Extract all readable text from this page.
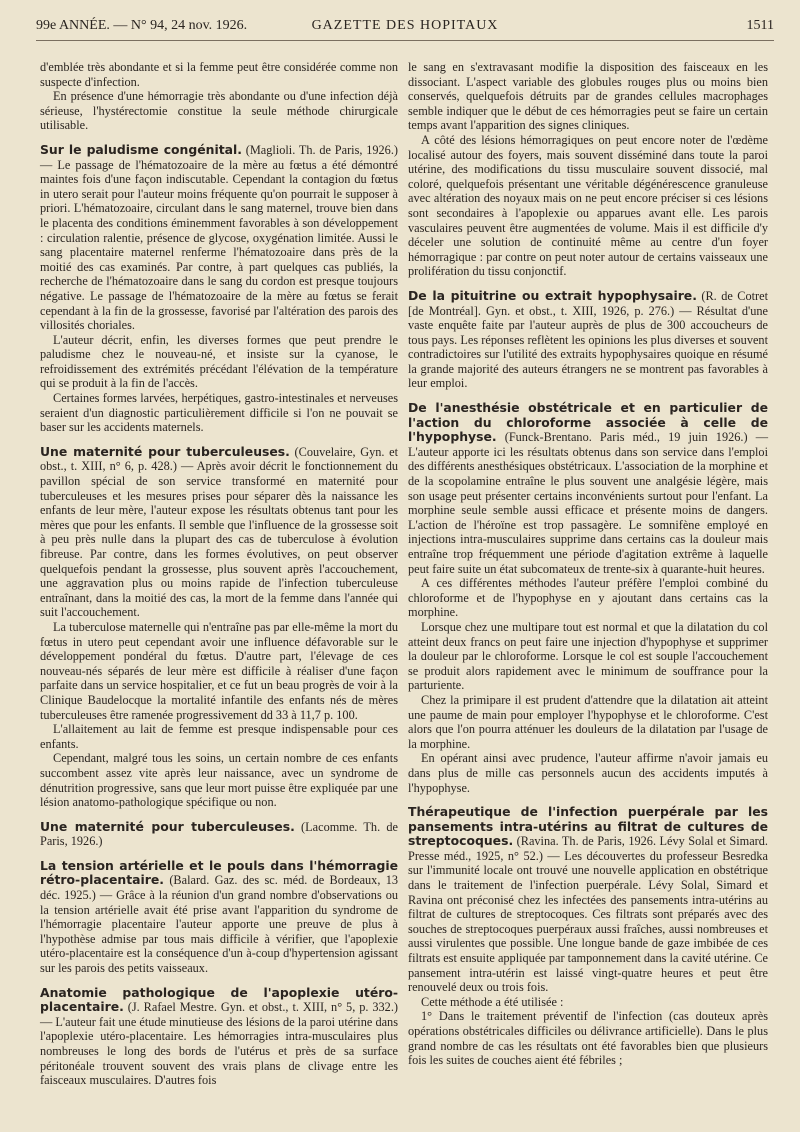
99e ANNÉE. — N° 94, 24 nov. 1926.	GAZETTE DES HOPITAUX	1511

d'emblée très abondante et si la femme peut être considérée comme non suspecte d'infection.

En présence d'une hémorragie très abondante ou d'une infection déjà sérieuse, l'hystérectomie constitue la seule méthode chirurgicale utilisable.

Sur le paludisme congénital. (Maglioli. Th. de Paris, 1926.) — Le passage de l'hématozoaire de la mère au fœtus a été démontré maintes fois d'une façon indiscutable. Cependant la contagion du fœtus in utero serait pour l'auteur moins fréquente qu'on pourrait le supposer à priori. L'hématozoaire, circulant dans le sang maternel, trouve bien dans le placenta des conditions éminemment favorables à son développement : circulation ralentie, présence de glycose, oxygénation limitée. Aussi le sang placentaire maternel renferme l'hématozoaire dans près de la moitié des cas examinés. Par contre, à part quelques cas publiés, la recherche de l'hématozoaire dans le sang du cordon est presque toujours négative. Le passage de l'hématozoaire de la mère au fœtus se ferait cependant à la fin de la grossesse, favorisé par l'altération des parois des villosités choriales.

L'auteur décrit, enfin, les diverses formes que peut prendre le paludisme chez le nouveau-né, et insiste sur la cyanose, le refroidissement des extrémités précédant l'élévation de la température qui se produit à la fin de l'accès.

Certaines formes larvées, herpétiques, gastro-intestinales et nerveuses seraient d'un diagnostic particulièrement difficile si l'on ne pouvait se baser sur les accidents maternels.

Une maternité pour tuberculeuses. (Couvelaire, Gyn. et obst., t. XIII, n° 6, p. 428.) — Après avoir décrit le fonctionnement du pavillon spécial de son service transformé en maternité pour tuberculeuses et les mesures prises pour séparer dès la naissance les enfants de leur mère, l'auteur expose les résultats obtenus tant pour les mères que pour les enfants. Il semble que l'influence de la grossesse soit à peu près nulle dans la plupart des cas de tuberculose à évolution fibreuse. Par contre, dans les formes évolutives, on peut observer quelquefois pendant la grossesse, plus souvent après l'accouchement, une aggravation plus ou moins rapide de l'infection tuberculeuse entraînant, dans la moitié des cas, la mort de la femme dans l'année qui suit l'accouchement.

La tuberculose maternelle qui n'entraîne pas par elle-même la mort du fœtus in utero peut cependant avoir une influence défavorable sur le développement pondéral du fœtus. D'autre part, l'élevage de ces nouveau-nés séparés de leur mère est difficile à réaliser d'une façon parfaite dans un service hospitalier, et ce fut un beau progrès de voir à la Clinique Baudelocque la mortalité infantile des enfants nés de mères tuberculeuses être ramenée progressivement dd 33 à 11,7 p. 100.

L'allaitement au lait de femme est presque indispensable pour ces enfants.

Cependant, malgré tous les soins, un certain nombre de ces enfants succombent assez vite après leur naissance, avec un syndrome de dénutrition progressive, sans que leur mort puisse être expliquée par une lésion anatomo-pathologique spécifique ou non.

Une maternité pour tuberculeuses. (Lacomme. Th. de Paris, 1926.)

La tension artérielle et le pouls dans l'hémorragie rétro-placentaire. (Balard. Gaz. des sc. méd. de Bordeaux, 13 déc. 1925.) — Grâce à la réunion d'un grand nombre d'observations ou la tension artérielle avait été prise avant l'apparition du syndrome de l'hémorragie placentaire l'auteur apporte une preuve de plus à l'hypothèse admise par tous mais difficile à vérifier, que l'apoplexie utéro-placentaire est la conséquence d'un à-coup d'hypertension agissant sur les parois des petits vaisseaux.

Anatomie pathologique de l'apoplexie utéro-placentaire. (J. Rafael Mestre. Gyn. et obst., t. XIII, n° 5, p. 332.) — L'auteur fait une étude minutieuse des lésions de la paroi utérine dans l'apoplexie utéro-placentaire. Les hémorragies intra-musculaires plus nombreuses le long des bords de l'utérus et près de sa surface péritonéale trouvent souvent des vrais plans de clivage entre les faisceaux musculaires. D'autres fois

le sang en s'extravasant modifie la disposition des faisceaux en les dissociant. L'aspect variable des globules rouges plus ou moins bien conservés, quelquefois détruits par de grandes cellules macrophages semble indiquer que le début de ces hémorragies peut se faire un certain temps avant l'apparition des signes cliniques.

A côté des lésions hémorragiques on peut encore noter de l'œdème localisé autour des foyers, mais souvent disséminé dans toute la paroi utérine, des modifications du tissu musculaire souvent dissocié, mal coloré, quelquefois présentant une véritable dégénérescence granuleuse avec altération des noyaux mais on ne peut encore préciser si ces lésions sont secondaires à l'apoplexie ou apparues avant elle. Les parois vasculaires peuvent être augmentées de volume. Mais il est difficile d'y déceler une solution de continuité même au centre d'un foyer hémorragique : par contre on peut noter autour de certains vaisseaux une prolifération du tissu conjonctif.

De la pituitrine ou extrait hypophysaire. (R. de Cotret [de Montréal]. Gyn. et obst., t. XIII, 1926, p. 276.) — Résultat d'une vaste enquête faite par l'auteur auprès de plus de 300 accoucheurs de tous pays. Les réponses reflètent les opinions les plus diverses et souvent contradictoires sur l'utilité des extraits hypophysaires quoique en résumé la grande majorité des auteurs étrangers ne se montrent pas favorables à leur emploi.

De l'anesthésie obstétricale et en particulier de l'action du chloroforme associée à celle de l'hypophyse. (Funck-Brentano. Paris méd., 19 juin 1926.) — L'auteur apporte ici les résultats obtenus dans son service dans l'emploi des différents anesthésiques obstétricaux. L'association de la morphine et de la scopolamine entraîne le plus souvent une analgésie légère, mais son usage peut présenter certains inconvénients surtout pour l'enfant. La morphine seule semble aussi efficace et présente moins de dangers. L'action de l'héroïne est trop passagère. Le somnifène employé en injections intra-musculaires supprime dans certains cas la douleur mais entraîne trop fréquemment une période d'agitation extrême à laquelle peut faire suite un état subcomateux de trente-six à quarante-huit heures.

A ces différentes méthodes l'auteur préfère l'emploi combiné du chloroforme et de l'hypophyse en y ajoutant dans certains cas la morphine.

Lorsque chez une multipare tout est normal et que la dilatation du col atteint deux francs on peut faire une injection d'hypophyse et supprimer la douleur par le chloroforme. Lorsque le col est souple l'accouchement se produit alors rapidement avec le minimum de souffrance pour la parturiente.

Chez la primipare il est prudent d'attendre que la dilatation ait atteint une paume de main pour employer l'hypophyse et le chloroforme. C'est alors que l'on pourra atténuer les douleurs de la dilatation par l'usage de la morphine.

En opérant ainsi avec prudence, l'auteur affirme n'avoir jamais eu dans plus de mille cas personnels aucun des accidents imputés à l'hypophyse.

Thérapeutique de l'infection puerpérale par les pansements intra-utérins au filtrat de cultures de streptocoques. (Ravina. Th. de Paris, 1926. Lévy Solal et Simard. Presse méd., 1925, n° 52.) — Les découvertes du professeur Besredka sur l'immunité locale ont trouvé une nouvelle application en obstétrique dans le traitement de l'infection puerpérale. Lévy Solal, Simard et Ravina ont préconisé chez les infectées des pansements intra-utérins au filtrat de cultures de streptocoques. Ces filtrats sont préparés avec des souches de streptocoques puerpéraux aussi fraîches, aussi nombreuses et aussi virulentes que possible. Une longue bande de gaze imbibée de ces filtrats est ensuite appliquée par tamponnement dans la cavité utérine. Ce pansement intra-utérin est laissé vingt-quatre heures et peut être renouvelé deux ou trois fois.

Cette méthode a été utilisée :

1° Dans le traitement préventif de l'infection (cas douteux après opérations obstétricales difficiles ou délivrance artificielle). Dans le plus grand nombre de cas les résultats ont été favorables bien que plusieurs fois les suites de couches aient été fébriles ;
